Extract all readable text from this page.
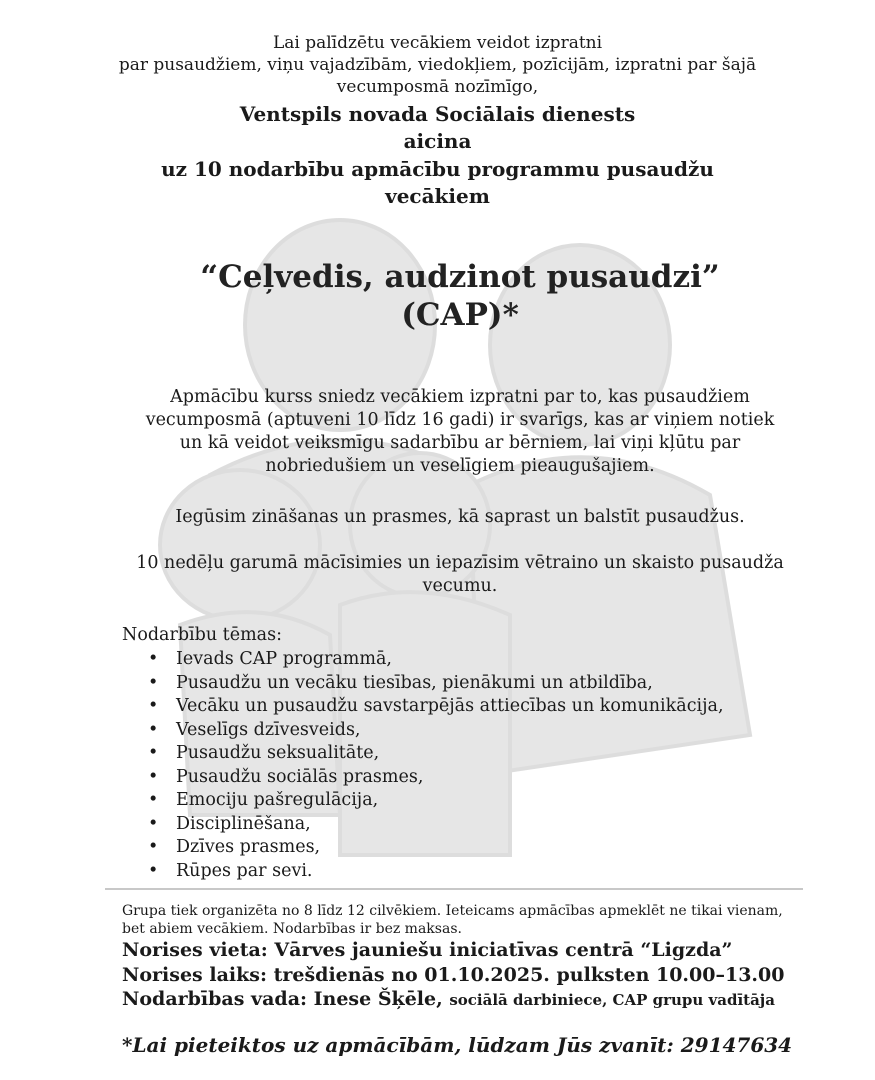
Lai palīdzētu vecākiem veidot izpratni
par pusaudžiem, viņu vajadzībām, viedokļiem, pozīcijām, izpratni par šajā
vecumposmā nozīmīgo,
Ventspils novada Sociālais dienests
aicina
uz 10 nodarbību apmācību programmu pusaudžu
vecākiem
“Ceļvedis, audzinot pusaudzi”
(CAP)*
Apmācību kurss sniedz vecākiem izpratni par to, kas pusaudžiem
vecumposmā (aptuveni 10 līdz 16 gadi) ir svarīgs, kas ar viņiem notiek
un kā veidot veiksmīgu sadarbību ar bērniem, lai viņi kļūtu par
nobriedušiem un veselīgiem pieaugušajiem.
Iegūsim zināšanas un prasmes, kā saprast un balstīt pusaudžus.
10 nedēļu garumā mācīsimies un iepazīsim vētraino un skaisto pusaudža
vecumu.
Nodarbību tēmas:
• Ievads CAP programmā,
• Pusaudžu un vecāku tiesības, pienākumi un atbildība,
• Vecāku un pusaudžu savstarpējās attiecības un komunikācija,
• Veselīgs dzīvesveids,
• Pusaudžu seksualitāte,
• Pusaudžu sociālās prasmes,
• Emociju pašregulācija,
• Disciplinēšana,
• Dzīves prasmes,
• Rūpes par sevi.
Grupa tiek organizēta no 8 līdz 12 cilvēkiem. Ieteicams apmācības apmeklēt ne tikai vienam, bet abiem vecākiem. Nodarbības ir bez maksas.
Norises vieta: Vārves jauniešu iniciatīvas centrā “Ligzda”
Norises laiks: trešdienās no 01.10.2025. pulksten 10.00–13.00
Nodarbības vada: Inese Šķēle, sociālā darbiniece, CAP grupu vadītāja
*Lai pieteiktos uz apmācībām, lūdzam Jūs zvanīt: 29147634
